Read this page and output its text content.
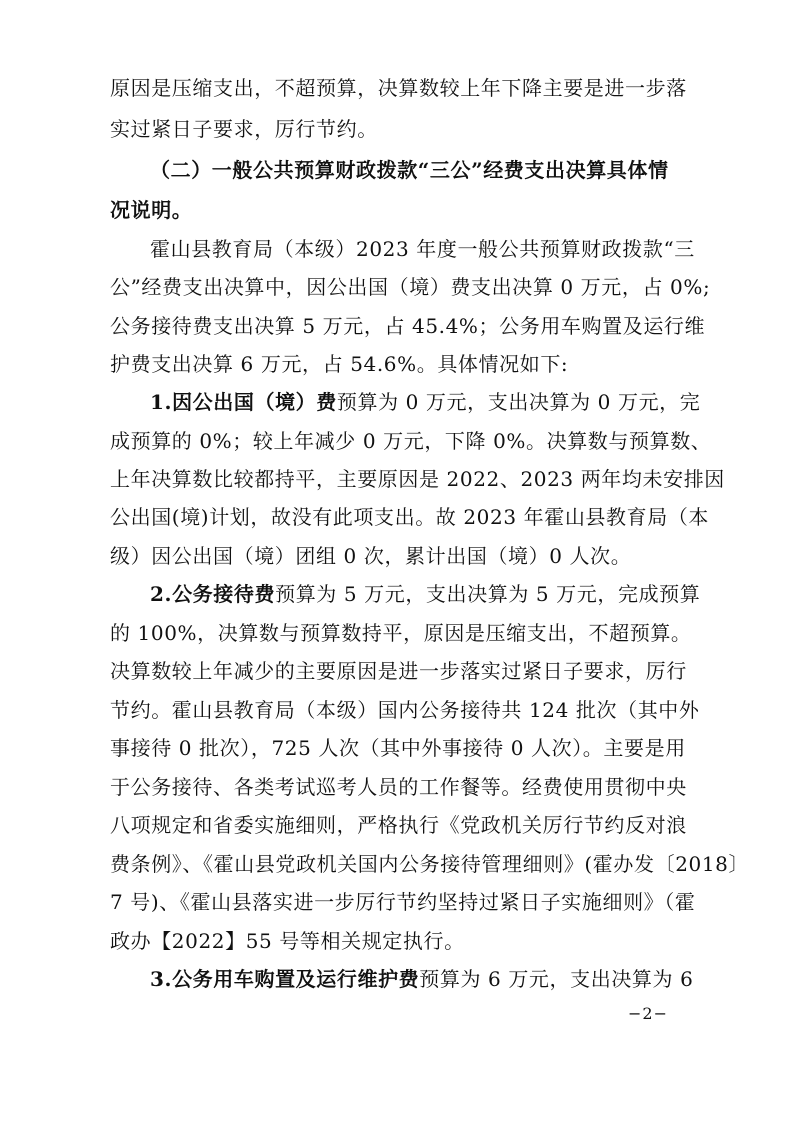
原因是压缩支出，不超预算，决算数较上年下降主要是进一步落
实过紧日子要求，厉行节约。
（二）一般公共预算财政拨款“三公”经费支出决算具体情
况说明。
霍山县教育局（本级）2023 年度一般公共预算财政拨款“三
公”经费支出决算中，因公出国（境）费支出决算 0 万元，占 0%;
公务接待费支出决算 5 万元，占 45.4%；公务用车购置及运行维
护费支出决算 6 万元，占 54.6%。具体情况如下:
1.因公出国（境）费预算为 0 万元，支出决算为 0 万元，完
成预算的 0%；较上年减少 0 万元，下降 0%。决算数与预算数、
上年决算数比较都持平，主要原因是 2022、2023 两年均未安排因
公出国(境)计划，故没有此项支出。故 2023 年霍山县教育局（本
级）因公出国（境）团组 0 次，累计出国（境）0 人次。
2.公务接待费预算为 5 万元，支出决算为 5 万元，完成预算
的 100%，决算数与预算数持平，原因是压缩支出，不超预算。
决算数较上年减少的主要原因是进一步落实过紧日子要求，厉行
节约。霍山县教育局（本级）国内公务接待共 124 批次（其中外
事接待 0 批次），725 人次（其中外事接待 0 人次）。主要是用
于公务接待、各类考试巡考人员的工作餐等。经费使用贯彻中央
八项规定和省委实施细则，严格执行《党政机关厉行节约反对浪
费条例》、《霍山县党政机关国内公务接待管理细则》(霍办发〔2018〕
7 号)、《霍山县落实进一步厉行节约坚持过紧日子实施细则》（霍
政办【2022】55 号等相关规定执行。
3.公务用车购置及运行维护费预算为 6 万元，支出决算为 6
−2−
